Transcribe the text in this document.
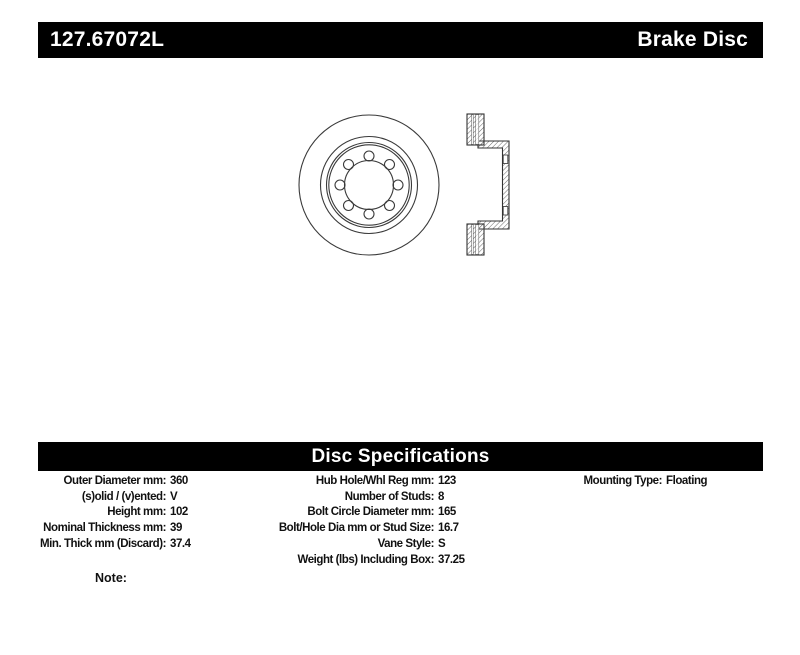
127.67072L	Brake Disc
Disc Specifications
Outer Diameter mm: 360
(s)olid / (v)ented: V
Height mm: 102
Nominal Thickness mm: 39
Min. Thick mm (Discard): 37.4
Hub Hole/Whl Reg mm: 123
Number of Studs: 8
Bolt Circle Diameter mm: 165
Bolt/Hole Dia mm or Stud Size: 16.7
Vane Style: S
Weight (lbs) Including Box: 37.25
Mounting Type: Floating
Note:
